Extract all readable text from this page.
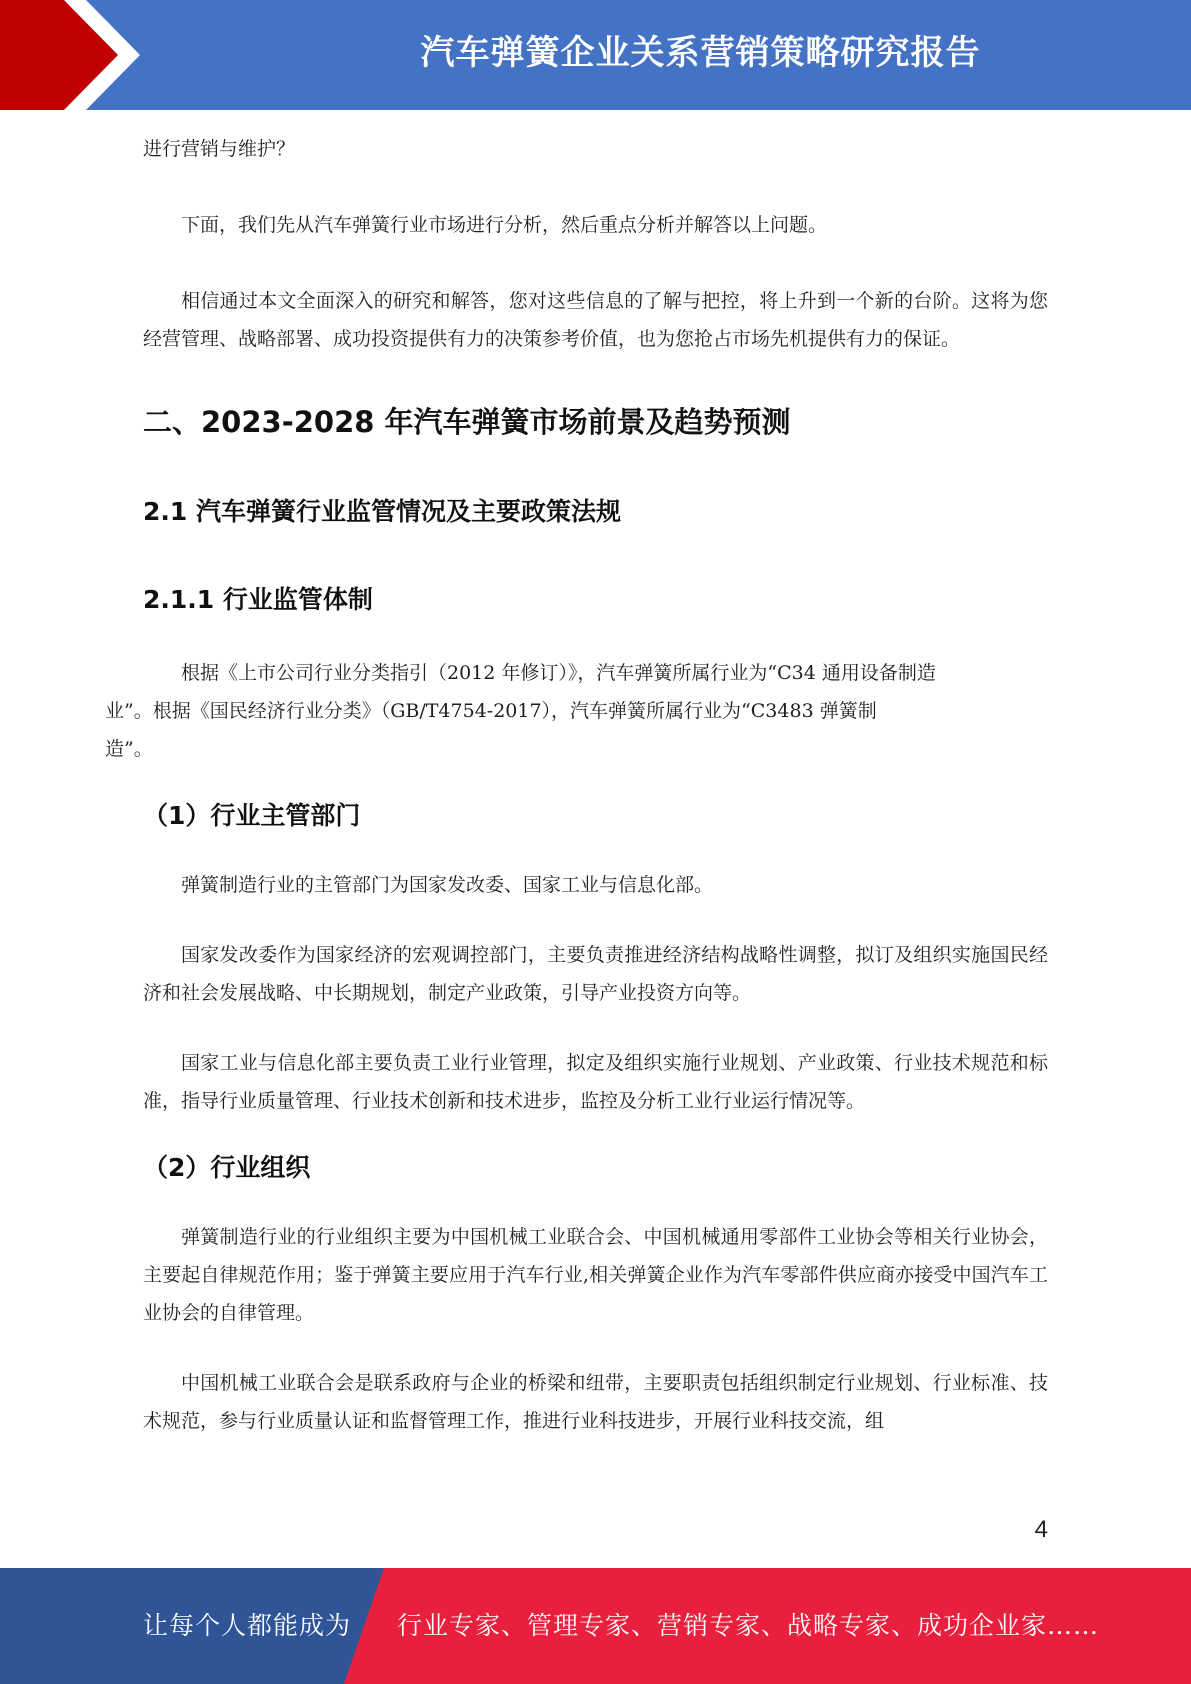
汽车弹簧企业关系营销策略研究报告

进行营销与维护？

下面，我们先从汽车弹簧行业市场进行分析，然后重点分析并解答以上问题。

相信通过本文全面深入的研究和解答，您对这些信息的了解与把控，将上升到一个新的台阶。这将为您经营管理、战略部署、成功投资提供有力的决策参考价值，也为您抢占市场先机提供有力的保证。

二、2023-2028 年汽车弹簧市场前景及趋势预测
2.1 汽车弹簧行业监管情况及主要政策法规
2.1.1 行业监管体制

根据《上市公司行业分类指引（2012 年修订）》，汽车弹簧所属行业为“C34 通用设备制造
业”。根据《国民经济行业分类》（GB/T4754-2017），汽车弹簧所属行业为“C3483 弹簧制
造”。

（1）行业主管部门

弹簧制造行业的主管部门为国家发改委、国家工业与信息化部。

国家发改委作为国家经济的宏观调控部门，主要负责推进经济结构战略性调整，拟订及组织实施国民经济和社会发展战略、中长期规划，制定产业政策，引导产业投资方向等。

国家工业与信息化部主要负责工业行业管理，拟定及组织实施行业规划、产业政策、行业技术规范和标准，指导行业质量管理、行业技术创新和技术进步，监控及分析工业行业运行情况等。

（2）行业组织

弹簧制造行业的行业组织主要为中国机械工业联合会、中国机械通用零部件工业协会等相关行业协会，主要起自律规范作用；鉴于弹簧主要应用于汽车行业,相关弹簧企业作为汽车零部件供应商亦接受中国汽车工业协会的自律管理。

中国机械工业联合会是联系政府与企业的桥梁和纽带，主要职责包括组织制定行业规划、行业标准、技术规范，参与行业质量认证和监督管理工作，推进行业科技进步，开展行业科技交流，组

4
让每个人都能成为 行业专家、管理专家、营销专家、战略专家、成功企业家……
